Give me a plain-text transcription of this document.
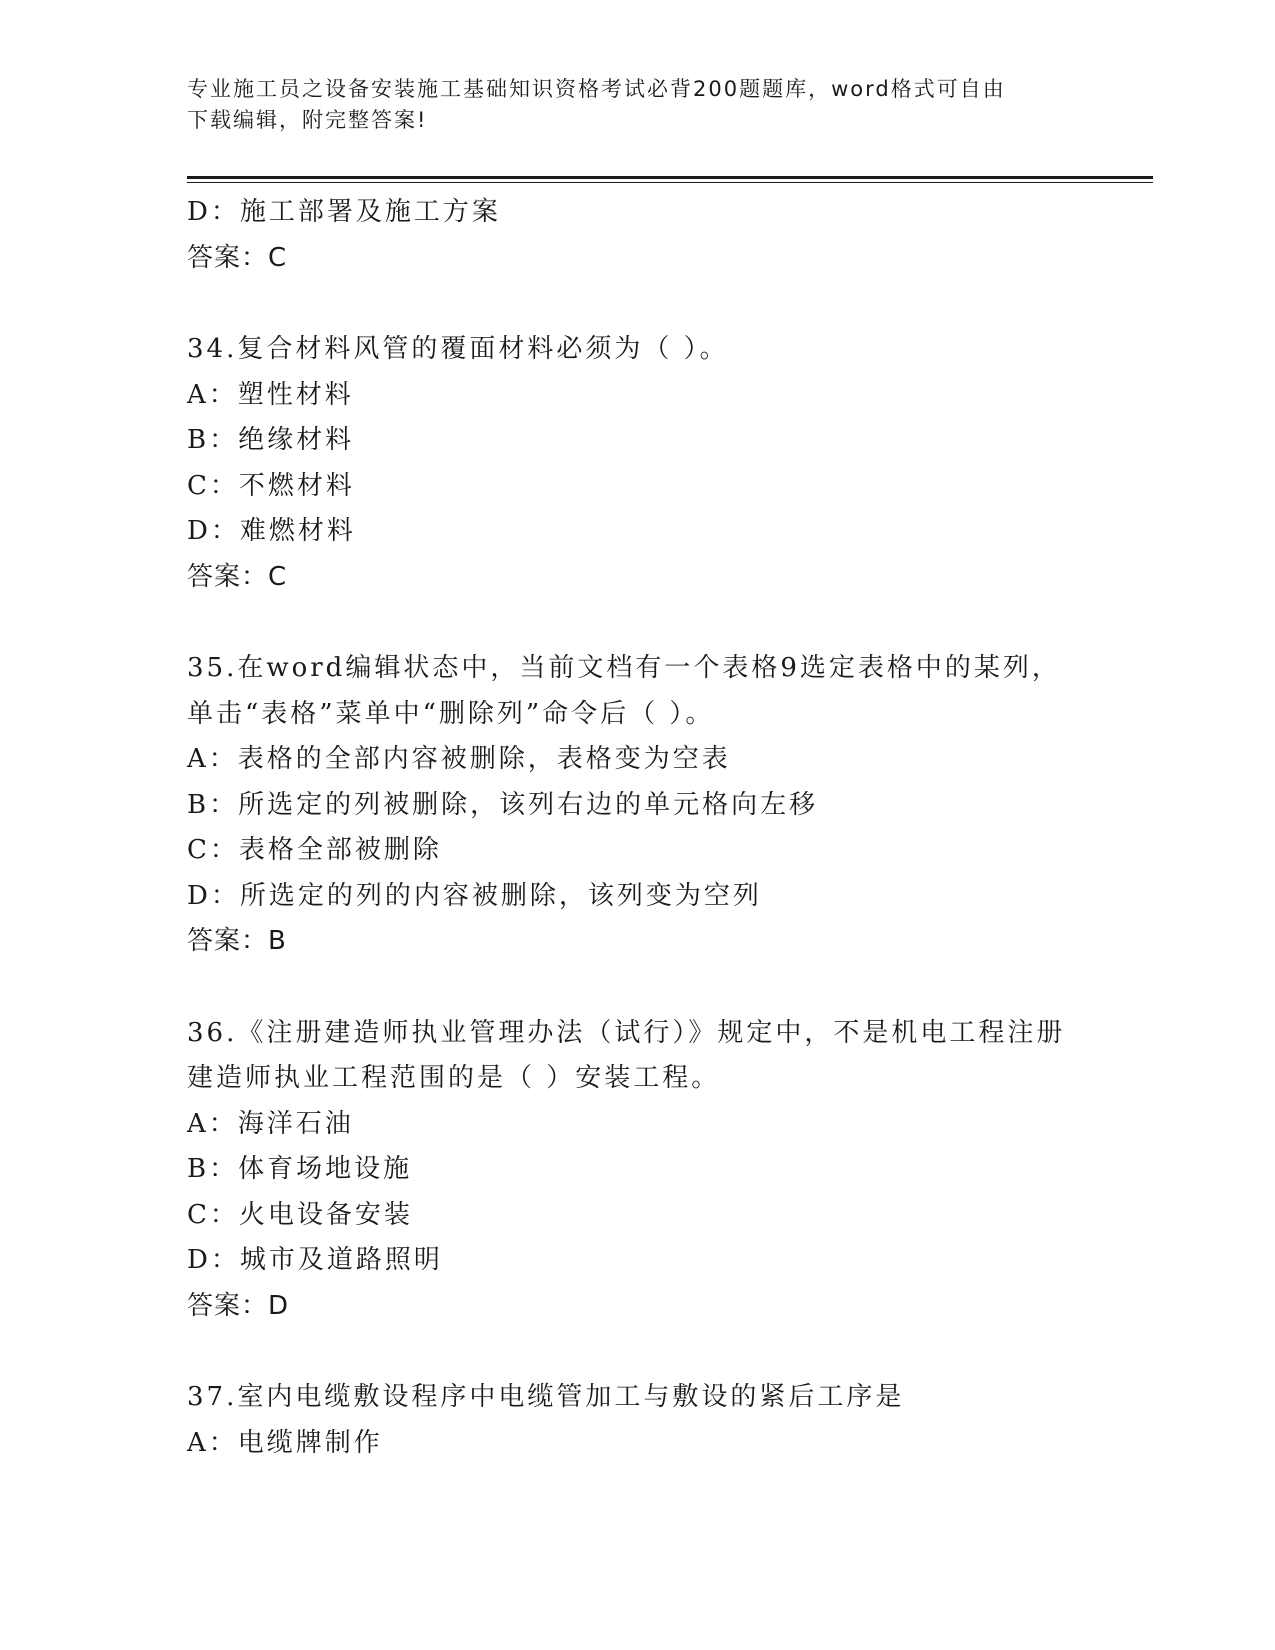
专业施工员之设备安装施工基础知识资格考试必背200题题库，word格式可自由
下载编辑，附完整答案!
D：施工部署及施工方案
答案：C
34.复合材料风管的覆面材料必须为（ ）。
A：塑性材料
B：绝缘材料
C：不燃材料
D：难燃材料
答案：C
35.在word编辑状态中，当前文档有一个表格9选定表格中的某列，
单击“表格”菜单中“删除列”命令后（ ）。
A：表格的全部内容被删除，表格变为空表
B：所选定的列被删除，该列右边的单元格向左移
C：表格全部被删除
D：所选定的列的内容被删除，该列变为空列
答案：B
36.《注册建造师执业管理办法（试行）》规定中，不是机电工程注册
建造师执业工程范围的是（ ）安装工程。
A：海洋石油
B：体育场地设施
C：火电设备安装
D：城市及道路照明
答案：D
37.室内电缆敷设程序中电缆管加工与敷设的紧后工序是
A：电缆牌制作
